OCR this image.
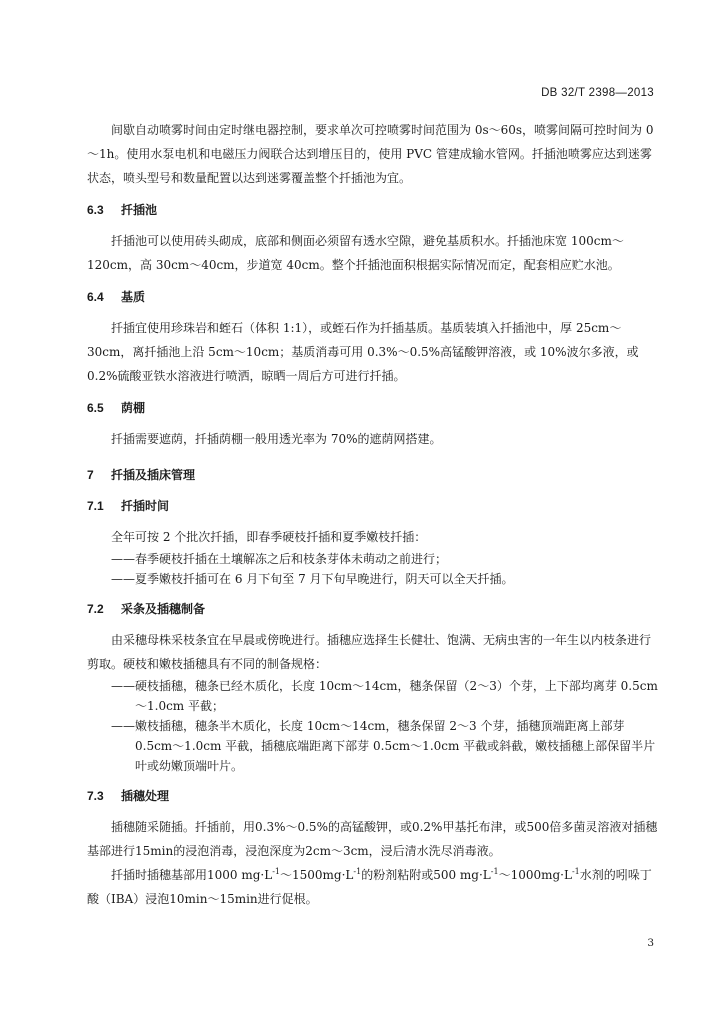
DB 32/T 2398—2013

间歇自动喷雾时间由定时继电器控制，要求单次可控喷雾时间范围为 0s～60s，喷雾间隔可控时间为 0～1h。使用水泵电机和电磁压力阀联合达到增压目的，使用 PVC 管建成输水管网。扦插池喷雾应达到迷雾状态，喷头型号和数量配置以达到迷雾覆盖整个扦插池为宜。

6.3 扦插池

扦插池可以使用砖头砌成，底部和侧面必须留有透水空隙，避免基质积水。扦插池床宽 100cm～120cm，高 30cm～40cm，步道宽 40cm。整个扦插池面积根据实际情况而定，配套相应贮水池。

6.4 基质

扦插宜使用珍珠岩和蛭石（体积 1:1），或蛭石作为扦插基质。基质装填入扦插池中，厚 25cm～30cm，离扦插池上沿 5cm～10cm；基质消毒可用 0.3%～0.5%高锰酸钾溶液，或 10%波尔多液，或 0.2%硫酸亚铁水溶液进行喷洒，晾晒一周后方可进行扦插。

6.5 荫棚

扦插需要遮荫，扦插荫棚一般用透光率为 70%的遮荫网搭建。

7 扦插及插床管理
7.1 扦插时间

全年可按 2 个批次扦插，即春季硬枝扦插和夏季嫩枝扦插：

——春季硬枝扦插在土壤解冻之后和枝条芽体未萌动之前进行；

——夏季嫩枝扦插可在 6 月下旬至 7 月下旬早晚进行，阴天可以全天扦插。

7.2 采条及插穗制备

由采穗母株采枝条宜在早晨或傍晚进行。插穗应选择生长健壮、饱满、无病虫害的一年生以内枝条进行剪取。硬枝和嫩枝插穗具有不同的制备规格：

——硬枝插穗，穗条已经木质化，长度 10cm～14cm，穗条保留（2～3）个芽，上下部均离芽 0.5cm～1.0cm 平截；

——嫩枝插穗，穗条半木质化，长度 10cm～14cm，穗条保留 2～3 个芽，插穗顶端距离上部芽 0.5cm～1.0cm 平截，插穗底端距离下部芽 0.5cm～1.0cm 平截或斜截，嫩枝插穗上部保留半片叶或幼嫩顶端叶片。

7.3 插穗处理

插穗随采随插。扦插前，用0.3%～0.5%的高锰酸钾，或0.2%甲基托布津，或500倍多菌灵溶液对插穗基部进行15min的浸泡消毒，浸泡深度为2cm～3cm，浸后清水洗尽消毒液。

扦插时插穗基部用1000 $mg\cdot L^{-1}\sim 1500mg\cdot L^{-1}$的粉剂粘附或500 $mg\cdot L^{-1}\sim 1000mg\cdot L^{-1}$水剂的吲哚丁酸（IBA）浸泡10min～15min进行促根。

3
